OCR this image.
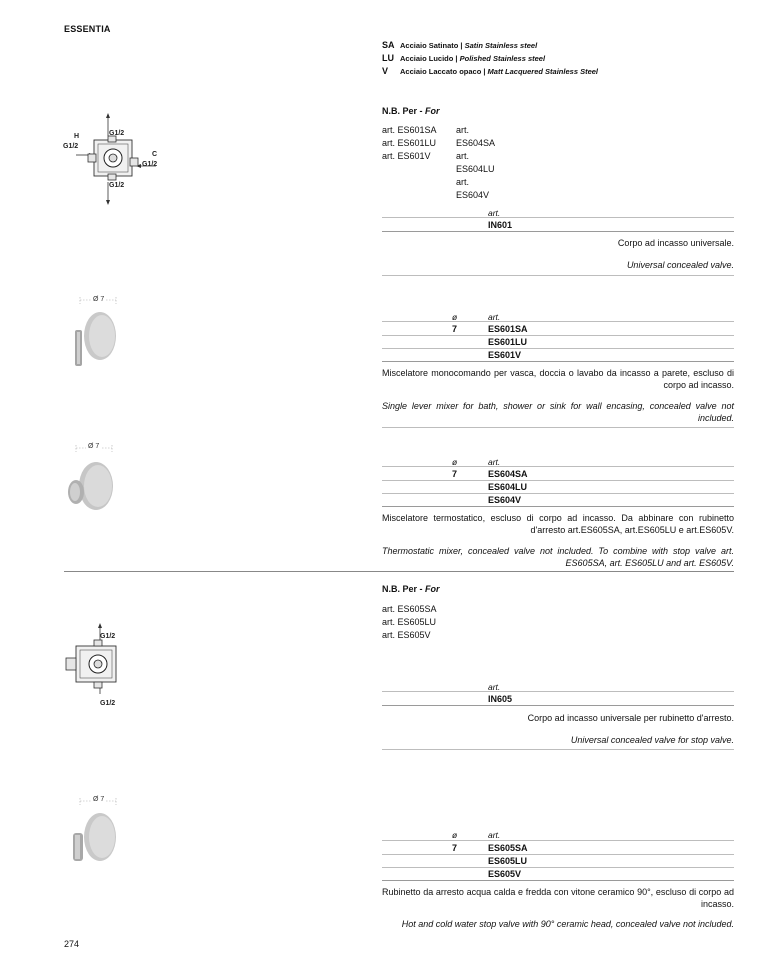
ESSENTIA
SA Acciaio Satinato | Satin Stainless steel
LU Acciaio Lucido | Polished Stainless steel
V Acciaio Laccato opaco | Matt Lacquered Stainless Steel
N.B. Per - For
art. ES601SA
art. ES601LU
art. ES601V
art. ES604SA
art. ES604LU
art. ES604V
H
G1/2
G1/2
C
G1/2
G1/2
art.
IN601
Corpo ad incasso universale.
Universal concealed valve.
Ø 7
ø	art.
7	ES601SA
ES601LU
ES601V
Miscelatore monocomando per vasca, doccia o lavabo da incasso a parete, escluso di corpo ad incasso.
Single lever mixer for bath, shower or sink for wall encasing, concealed valve not included.
Ø 7
ø	art.
7	ES604SA
ES604LU
ES604V
Miscelatore termostatico, escluso di corpo ad incasso. Da abbinare con rubinetto d'arresto art.ES605SA, art.ES605LU e art.ES605V.
Thermostatic mixer, concealed valve not included. To combine with stop valve art. ES605SA, art. ES605LU and art. ES605V.
N.B. Per - For
art. ES605SA
art. ES605LU
art. ES605V
G1/2
G1/2
art.
IN605
Corpo ad incasso universale per rubinetto d'arresto.
Universal concealed valve for stop valve.
Ø 7
ø	art.
7	ES605SA
ES605LU
ES605V
Rubinetto da arresto acqua calda e fredda con vitone ceramico 90°, escluso di corpo ad incasso.
Hot and cold water stop valve with 90° ceramic head, concealed valve not included.
274
